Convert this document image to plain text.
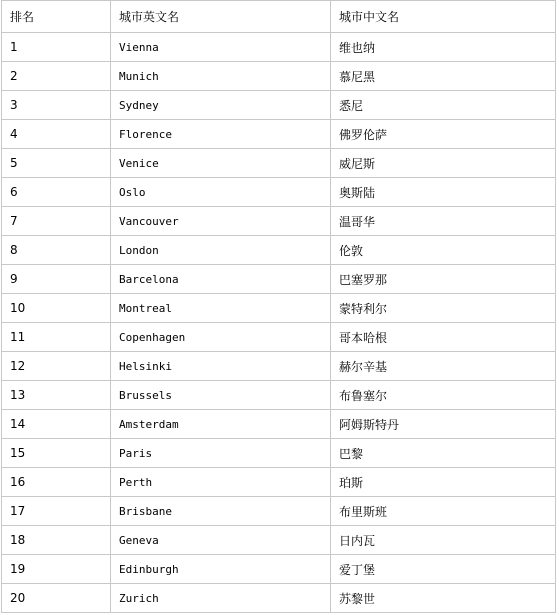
排名	城市英文名	城市中文名
1	Vienna	维也纳
2	Munich	慕尼黑
3	Sydney	悉尼
4	Florence	佛罗伦萨
5	Venice	威尼斯
6	Oslo	奥斯陆
7	Vancouver	温哥华
8	London	伦敦
9	Barcelona	巴塞罗那
10	Montreal	蒙特利尔
11	Copenhagen	哥本哈根
12	Helsinki	赫尔辛基
13	Brussels	布鲁塞尔
14	Amsterdam	阿姆斯特丹
15	Paris	巴黎
16	Perth	珀斯
17	Brisbane	布里斯班
18	Geneva	日内瓦
19	Edinburgh	爱丁堡
20	Zurich	苏黎世
